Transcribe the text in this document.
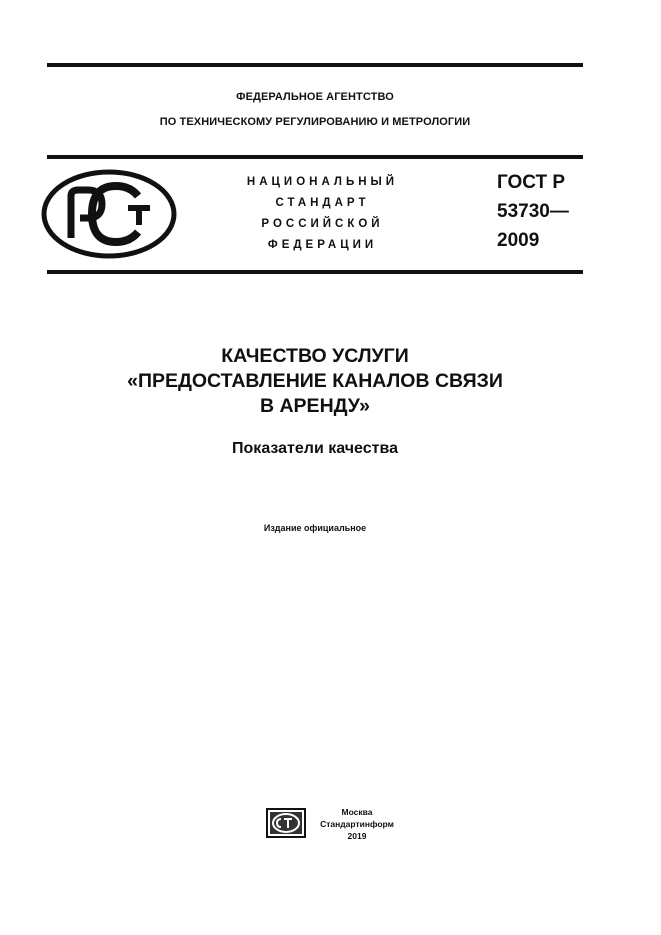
ФЕДЕРАЛЬНОЕ АГЕНТСТВО
ПО ТЕХНИЧЕСКОМУ РЕГУЛИРОВАНИЮ И МЕТРОЛОГИИ
НАЦИОНАЛЬНЫЙ
СТАНДАРТ
РОССИЙСКОЙ
ФЕДЕРАЦИИ
ГОСТ Р
53730—
2009
КАЧЕСТВО УСЛУГИ
«ПРЕДОСТАВЛЕНИЕ КАНАЛОВ СВЯЗИ
В АРЕНДУ»
Показатели качества
Издание официальное
Москва
Стандартинформ
2019
